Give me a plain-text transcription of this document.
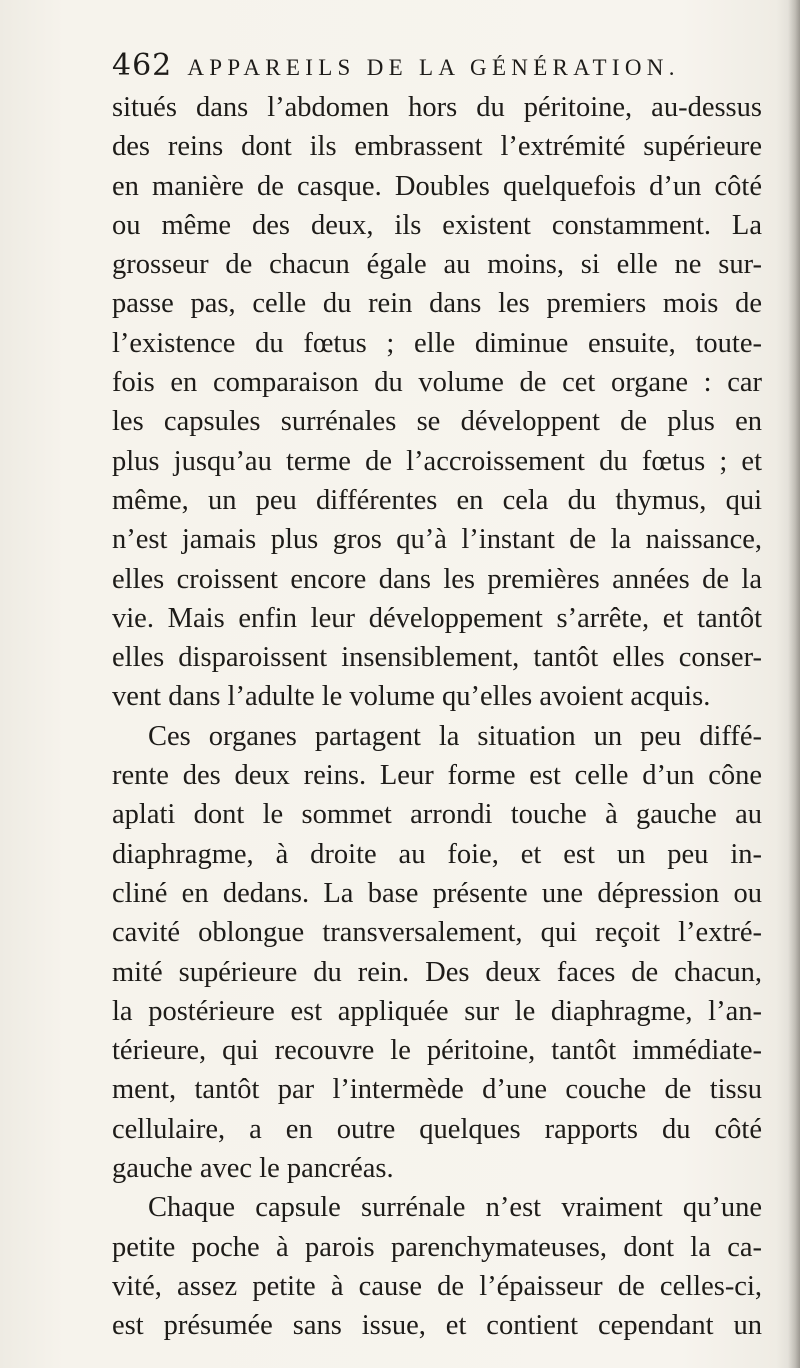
462 APPAREILS DE LA GÉNÉRATION.
situés dans l’abdomen hors du péritoine, au-dessus
des reins dont ils embrassent l’extrémité supérieure
en manière de casque. Doubles quelquefois d’un côté
ou même des deux, ils existent constamment. La
grosseur de chacun égale au moins, si elle ne sur-
passe pas, celle du rein dans les premiers mois de
l’existence du fœtus ; elle diminue ensuite, toute-
fois en comparaison du volume de cet organe : car
les capsules surrénales se développent de plus en
plus jusqu’au terme de l’accroissement du fœtus ; et
même, un peu différentes en cela du thymus, qui
n’est jamais plus gros qu’à l’instant de la naissance,
elles croissent encore dans les premières années de la
vie. Mais enfin leur développement s’arrête, et tantôt
elles disparoissent insensiblement, tantôt elles conser-
vent dans l’adulte le volume qu’elles avoient acquis.
Ces organes partagent la situation un peu diffé-
rente des deux reins. Leur forme est celle d’un cône
aplati dont le sommet arrondi touche à gauche au
diaphragme, à droite au foie, et est un peu in-
cliné en dedans. La base présente une dépression ou
cavité oblongue transversalement, qui reçoit l’extré-
mité supérieure du rein. Des deux faces de chacun,
la postérieure est appliquée sur le diaphragme, l’an-
térieure, qui recouvre le péritoine, tantôt immédiate-
ment, tantôt par l’intermède d’une couche de tissu
cellulaire, a en outre quelques rapports du côté
gauche avec le pancréas.
Chaque capsule surrénale n’est vraiment qu’une
petite poche à parois parenchymateuses, dont la ca-
vité, assez petite à cause de l’épaisseur de celles-ci,
est présumée sans issue, et contient cependant un
